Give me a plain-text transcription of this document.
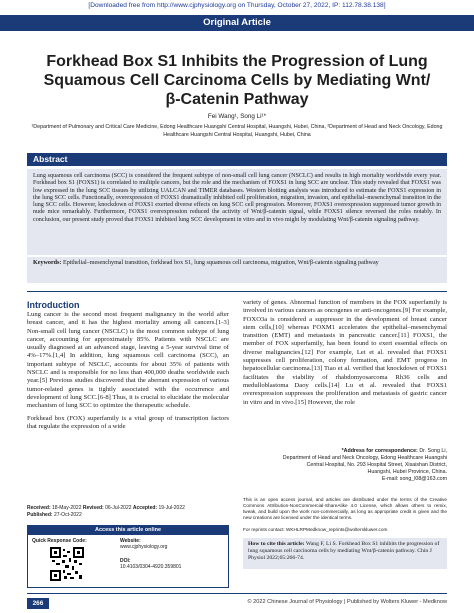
[Downloaded free from http://www.cjphysiology.org on Thursday, October 27, 2022, IP: 112.78.38.138]
Original Article
Forkhead Box S1 Inhibits the Progression of Lung Squamous Cell Carcinoma Cells by Mediating Wnt/β‑Catenin Pathway
Fei Wang¹, Song Li¹*
¹Department of Pulmonary and Critical Care Medicine, Edong Healthcare Huangshi Central Hospital, Huangshi, Hubei, China, ²Department of Head and Neck Oncology, Edong Healthcare Huangshi Central Hospital, Huangshi, Hubei, China
Abstract
Lung squamous cell carcinoma (SCC) is considered the frequent subtype of non‑small cell lung cancer (NSCLC) and results in high mortality worldwide every year. Forkhead box S1 (FOXS1) is correlated to multiple cancers, but the role and the mechanism of FOXS1 in lung SCC are unclear. This study revealed that FOXS1 was low expressed in the lung SCC tissues by utilizing UALCAN and TIMER databases. Western blotting analysis was introduced to estimate the FOXS1 expression in the lung SCC cells. Functionally, overexpression of FOXS1 dramatically inhibited cell proliferation, migration, invasion, and epithelial–mesenchymal transition in the lung SCC cells. However, knockdown of FOXS1 exerted diverse effects on lung SCC cell progression. Moreover, FOXS1 overexpression suppressed tumor growth in nude mice remarkably. Furthermore, FOXS1 overexpression reduced the activity of Wnt/β‑catenin signal, while FOXS1 silence reversed the roles notably. In conclusion, our present study proved that FOXS1 inhibited lung SCC development in vitro and in vivo might by modulating Wnt/β‑catenin signaling pathway.
Keywords: Epithelial–mesenchymal transition, forkhead box S1, lung squamous cell carcinoma, migration, Wnt/β‑catenin signaling pathway
Introduction

Lung cancer is the second most frequent malignancy in the world after breast cancer, and it has the highest mortality among all cancers.[1‑3] Non‑small cell lung cancer (NSCLC) is the most common subtype of lung cancer, accounting for approximately 85%. Patients with NSCLC are usually diagnosed at an advanced stage, leaving a 5‑year survival time of 4%–17%.[1,4] In addition, lung squamous cell carcinoma (SCC), an important subtype of NSCLC, accounts for about 35% of patients with NSCLC and is responsible for no less than 400,000 deaths worldwide each year.[5] Previous studies discovered that the aberrant expression of various tumor‑related genes is tightly associated with the occurrence and development of lung SCC.[6‑8] Thus, it is crucial to elucidate the molecular mechanism of lung SCC to optimize the therapeutic schedule.

Forkhead box (FOX) superfamily is a vital group of transcription factors that regulate the expression of a wide

variety of genes. Abnormal function of members in the FOX superfamily is involved in various cancers as oncogenes or anti‑oncogenes.[9] For example, FOXO3a is considered a suppressor in the development of breast cancer stem cells,[10] whereas FOXM1 accelerates the epithelial–mesenchymal transition (EMT) and metastasis in pancreatic cancer.[11] FOXS1, the member of FOX superfamily, has been found to exert essential effects on diverse malignancies.[12] For example, Lei et al. revealed that FOXS1 suppresses cell proliferation, colony formation, and EMT progress in hepatocellular carcinoma.[13] Tiao et al. verified that knockdown of FOXS1 facilitates the viability of rhabdomyosarcoma Rh36 cells and medulloblastoma Daoy cells.[14] Lu et al. revealed that FOXS1 overexpression suppresses the proliferation and metastasis of gastric cancer in vitro and in vivo.[15] However, the role

*Address for correspondence: Dr. Song Li,
Department of Head and Neck Oncology, Edong Healthcare Huangshi
Central Hospital, No. 293 Hospital Street, Xisaishan District,
Huangshi, Hubei Province, China.
E‑mail: song_l08@163.com
Received: 18‑May‑2022 Revised: 06‑Jul‑2022 Accepted: 19‑Jul‑2022
Published: 27‑Oct‑2022
Access this article online
Quick Response Code:	Website:
www.cjphysiology.org
DOI:
10.4103/0304‑4920.359801
This is an open access journal, and articles are distributed under the terms of the Creative Commons Attribution‑NonCommercial‑ShareAlike 4.0 License, which allows others to remix, tweak, and build upon the work non‑commercially, as long as appropriate credit is given and the new creations are licensed under the identical terms.
For reprints contact: WKHLRPMedknow_reprints@wolterskluwer.com
How to cite this article: Wang F, Li S. Forkhead Box S1 inhibits the progression of lung squamous cell carcinoma cells by mediating Wnt/β‑catenin pathway. Chin J Physiol 2022;65:266‑74.
266	© 2022 Chinese Journal of Physiology | Published by Wolters Kluwer ‑ Medknow
